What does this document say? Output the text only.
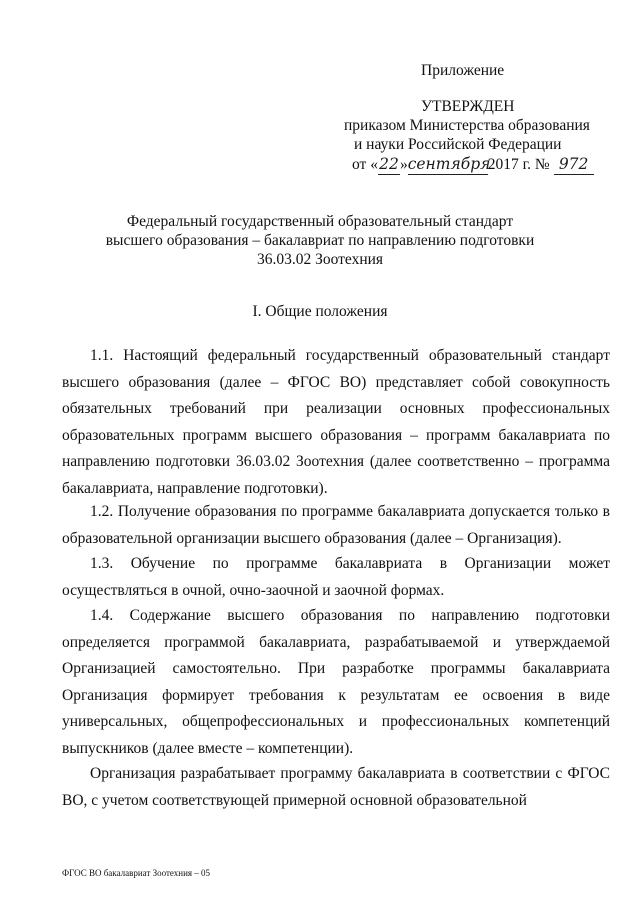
Приложение
УТВЕРЖДЕН
приказом Министерства образования
и науки Российской Федерации
от «22»сентября2017 г. № 972
Федеральный государственный образовательный стандарт
высшего образования – бакалавриат по направлению подготовки
36.03.02 Зоотехния
I. Общие положения
1.1. Настоящий федеральный государственный образовательный стандарт высшего образования (далее – ФГОС ВО) представляет собой совокупность обязательных требований при реализации основных профессиональных образовательных программ высшего образования – программ бакалавриата по направлению подготовки 36.03.02 Зоотехния (далее соответственно – программа бакалавриата, направление подготовки).
1.2. Получение образования по программе бакалавриата допускается только в образовательной организации высшего образования (далее – Организация).
1.3. Обучение по программе бакалавриата в Организации может осуществляться в очной, очно-заочной и заочной формах.
1.4. Содержание высшего образования по направлению подготовки определяется программой бакалавриата, разрабатываемой и утверждаемой Организацией самостоятельно. При разработке программы бакалавриата Организация формирует требования к результатам ее освоения в виде универсальных, общепрофессиональных и профессиональных компетенций выпускников (далее вместе – компетенции).
Организация разрабатывает программу бакалавриата в соответствии с ФГОС ВО, с учетом соответствующей примерной основной образовательной
ФГОС ВО бакалавриат Зоотехния – 05
